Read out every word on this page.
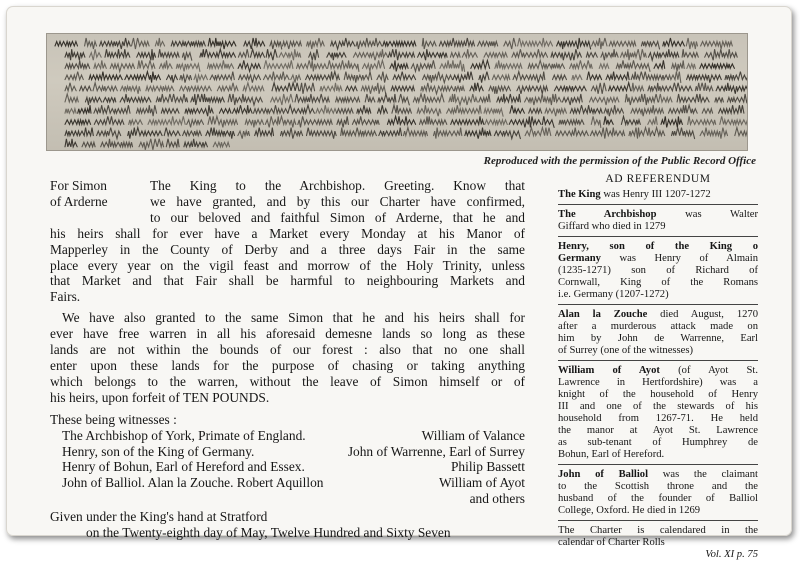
Reproduced with the permission of the Public Record Office
For Simon
of Arderne
The King to the Archbishop. Greeting. Know that
we have granted, and by this our Charter have confirmed,
to our beloved and faithful Simon of Arderne, that he and
his heirs shall for ever have a Market every Monday at his Manor of
Mapperley in the County of Derby and a three days Fair in the same
place every year on the vigil feast and morrow of the Holy Trinity, unless
that Market and that Fair shall be harmful to neighbouring Markets and
Fairs.
We have also granted to the same Simon that he and his heirs shall for
ever have free warren in all his aforesaid demesne lands so long as these
lands are not within the bounds of our forest : also that no one shall
enter upon these lands for the purpose of chasing or taking anything
which belongs to the warren, without the leave of Simon himself or of
his heirs, upon forfeit of TEN POUNDS.
These being witnesses :
The Archbishop of York, Primate of England.	William of Valance
Henry, son of the King of Germany.	John of Warrenne, Earl of Surrey
Henry of Bohun, Earl of Hereford and Essex.	Philip Bassett
John of Balliol. Alan la Zouche. Robert Aquillon	William of Ayot
and others
Given under the King's hand at Stratford
on the Twenty-eighth day of May, Twelve Hundred and Sixty Seven
AD REFERENDUM
The King was Henry III 1207-1272
The Archbishop was Walter
Giffard who died in 1279
Henry, son of the King o
Germany was Henry of Almain
(1235-1271) son of Richard of
Cornwall, King of the Romans
i.e. Germany (1207-1272)
Alan la Zouche died August, 1270
after a murderous attack made on
him by John de Warrenne, Earl
of Surrey (one of the witnesses)
William of Ayot (of Ayot St.
Lawrence in Hertfordshire) was a
knight of the household of Henry
III and one of the stewards of his
household from 1267-71. He held
the manor at Ayot St. Lawrence
as sub-tenant of Humphrey de
Bohun, Earl of Hereford.
John of Balliol was the claimant
to the Scottish throne and the
husband of the founder of Balliol
College, Oxford. He died in 1269
The Charter is calendared in the
calendar of Charter Rolls
Vol. XI p. 75
